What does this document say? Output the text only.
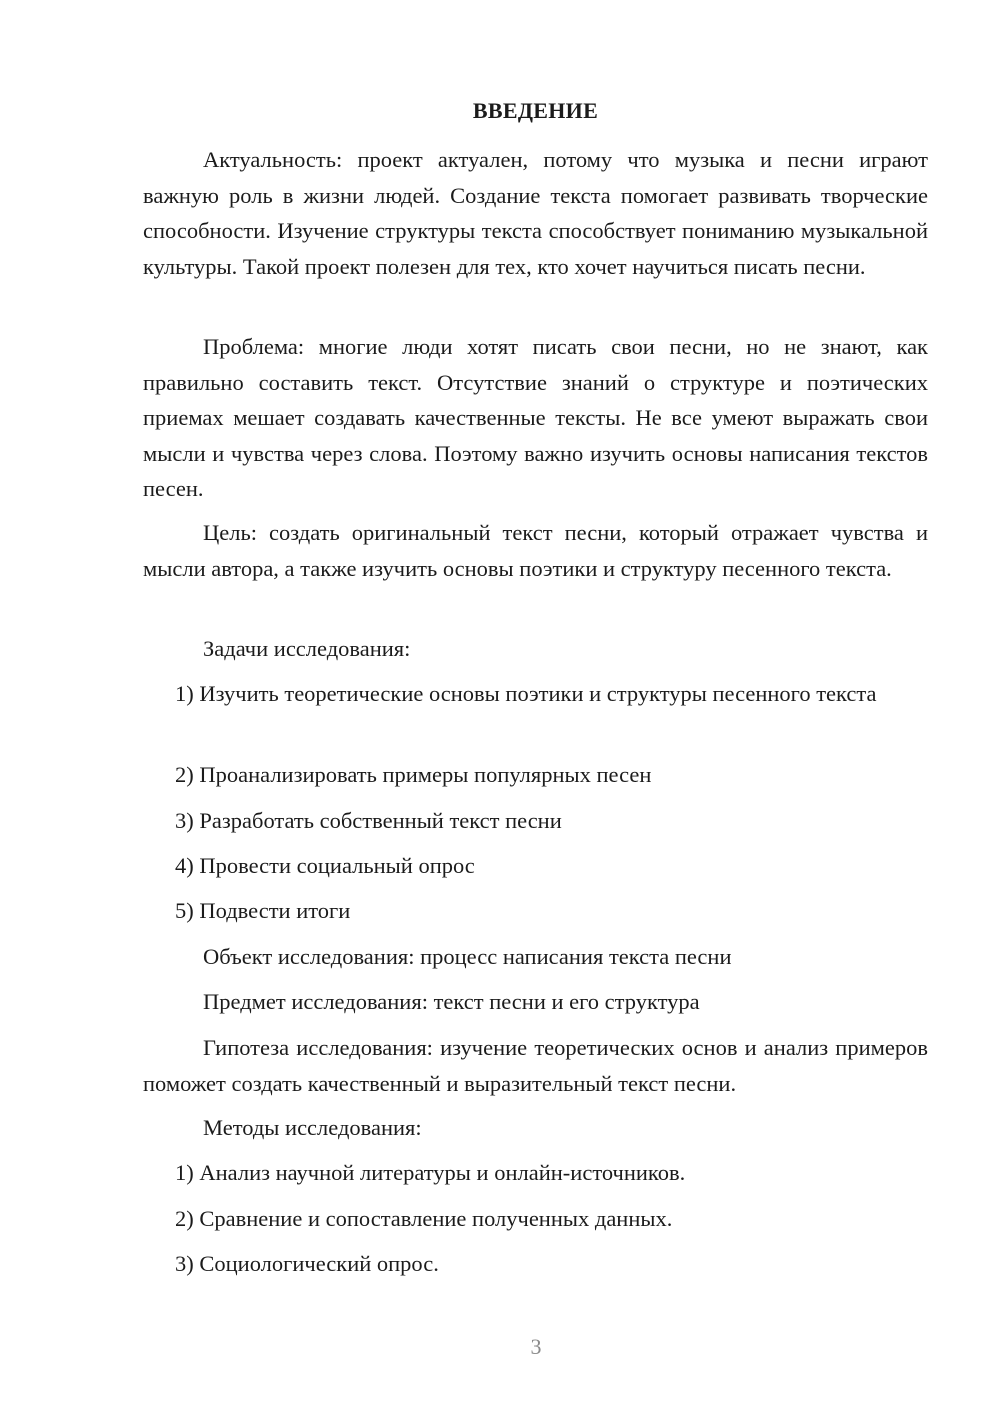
ВВЕДЕНИЕ

Актуальность: проект актуален, потому что музыка и песни играют важную роль в жизни людей. Создание текста помогает развивать творческие способности. Изучение структуры текста способствует пониманию музыкальной культуры. Такой проект полезен для тех, кто хочет научиться писать песни.

Проблема: многие люди хотят писать свои песни, но не знают, как правильно составить текст. Отсутствие знаний о структуре и поэтических приемах мешает создавать качественные тексты. Не все умеют выражать свои мысли и чувства через слова. Поэтому важно изучить основы написания текстов песен.

Цель: создать оригинальный текст песни, который отражает чувства и мысли автора, а также изучить основы поэтики и структуру песенного текста.

Задачи исследования:

1) Изучить теоретические основы поэтики и структуры песенного текста

2) Проанализировать примеры популярных песен

3) Разработать собственный текст песни

4) Провести социальный опрос

5) Подвести итоги

Объект исследования: процесс написания текста песни

Предмет исследования: текст песни и его структура

Гипотеза исследования: изучение теоретических основ и анализ примеров поможет создать качественный и выразительный текст песни.

Методы исследования:

1) Анализ научной литературы и онлайн-источников.

2) Сравнение и сопоставление полученных данных.

3) Социологический опрос.

3
